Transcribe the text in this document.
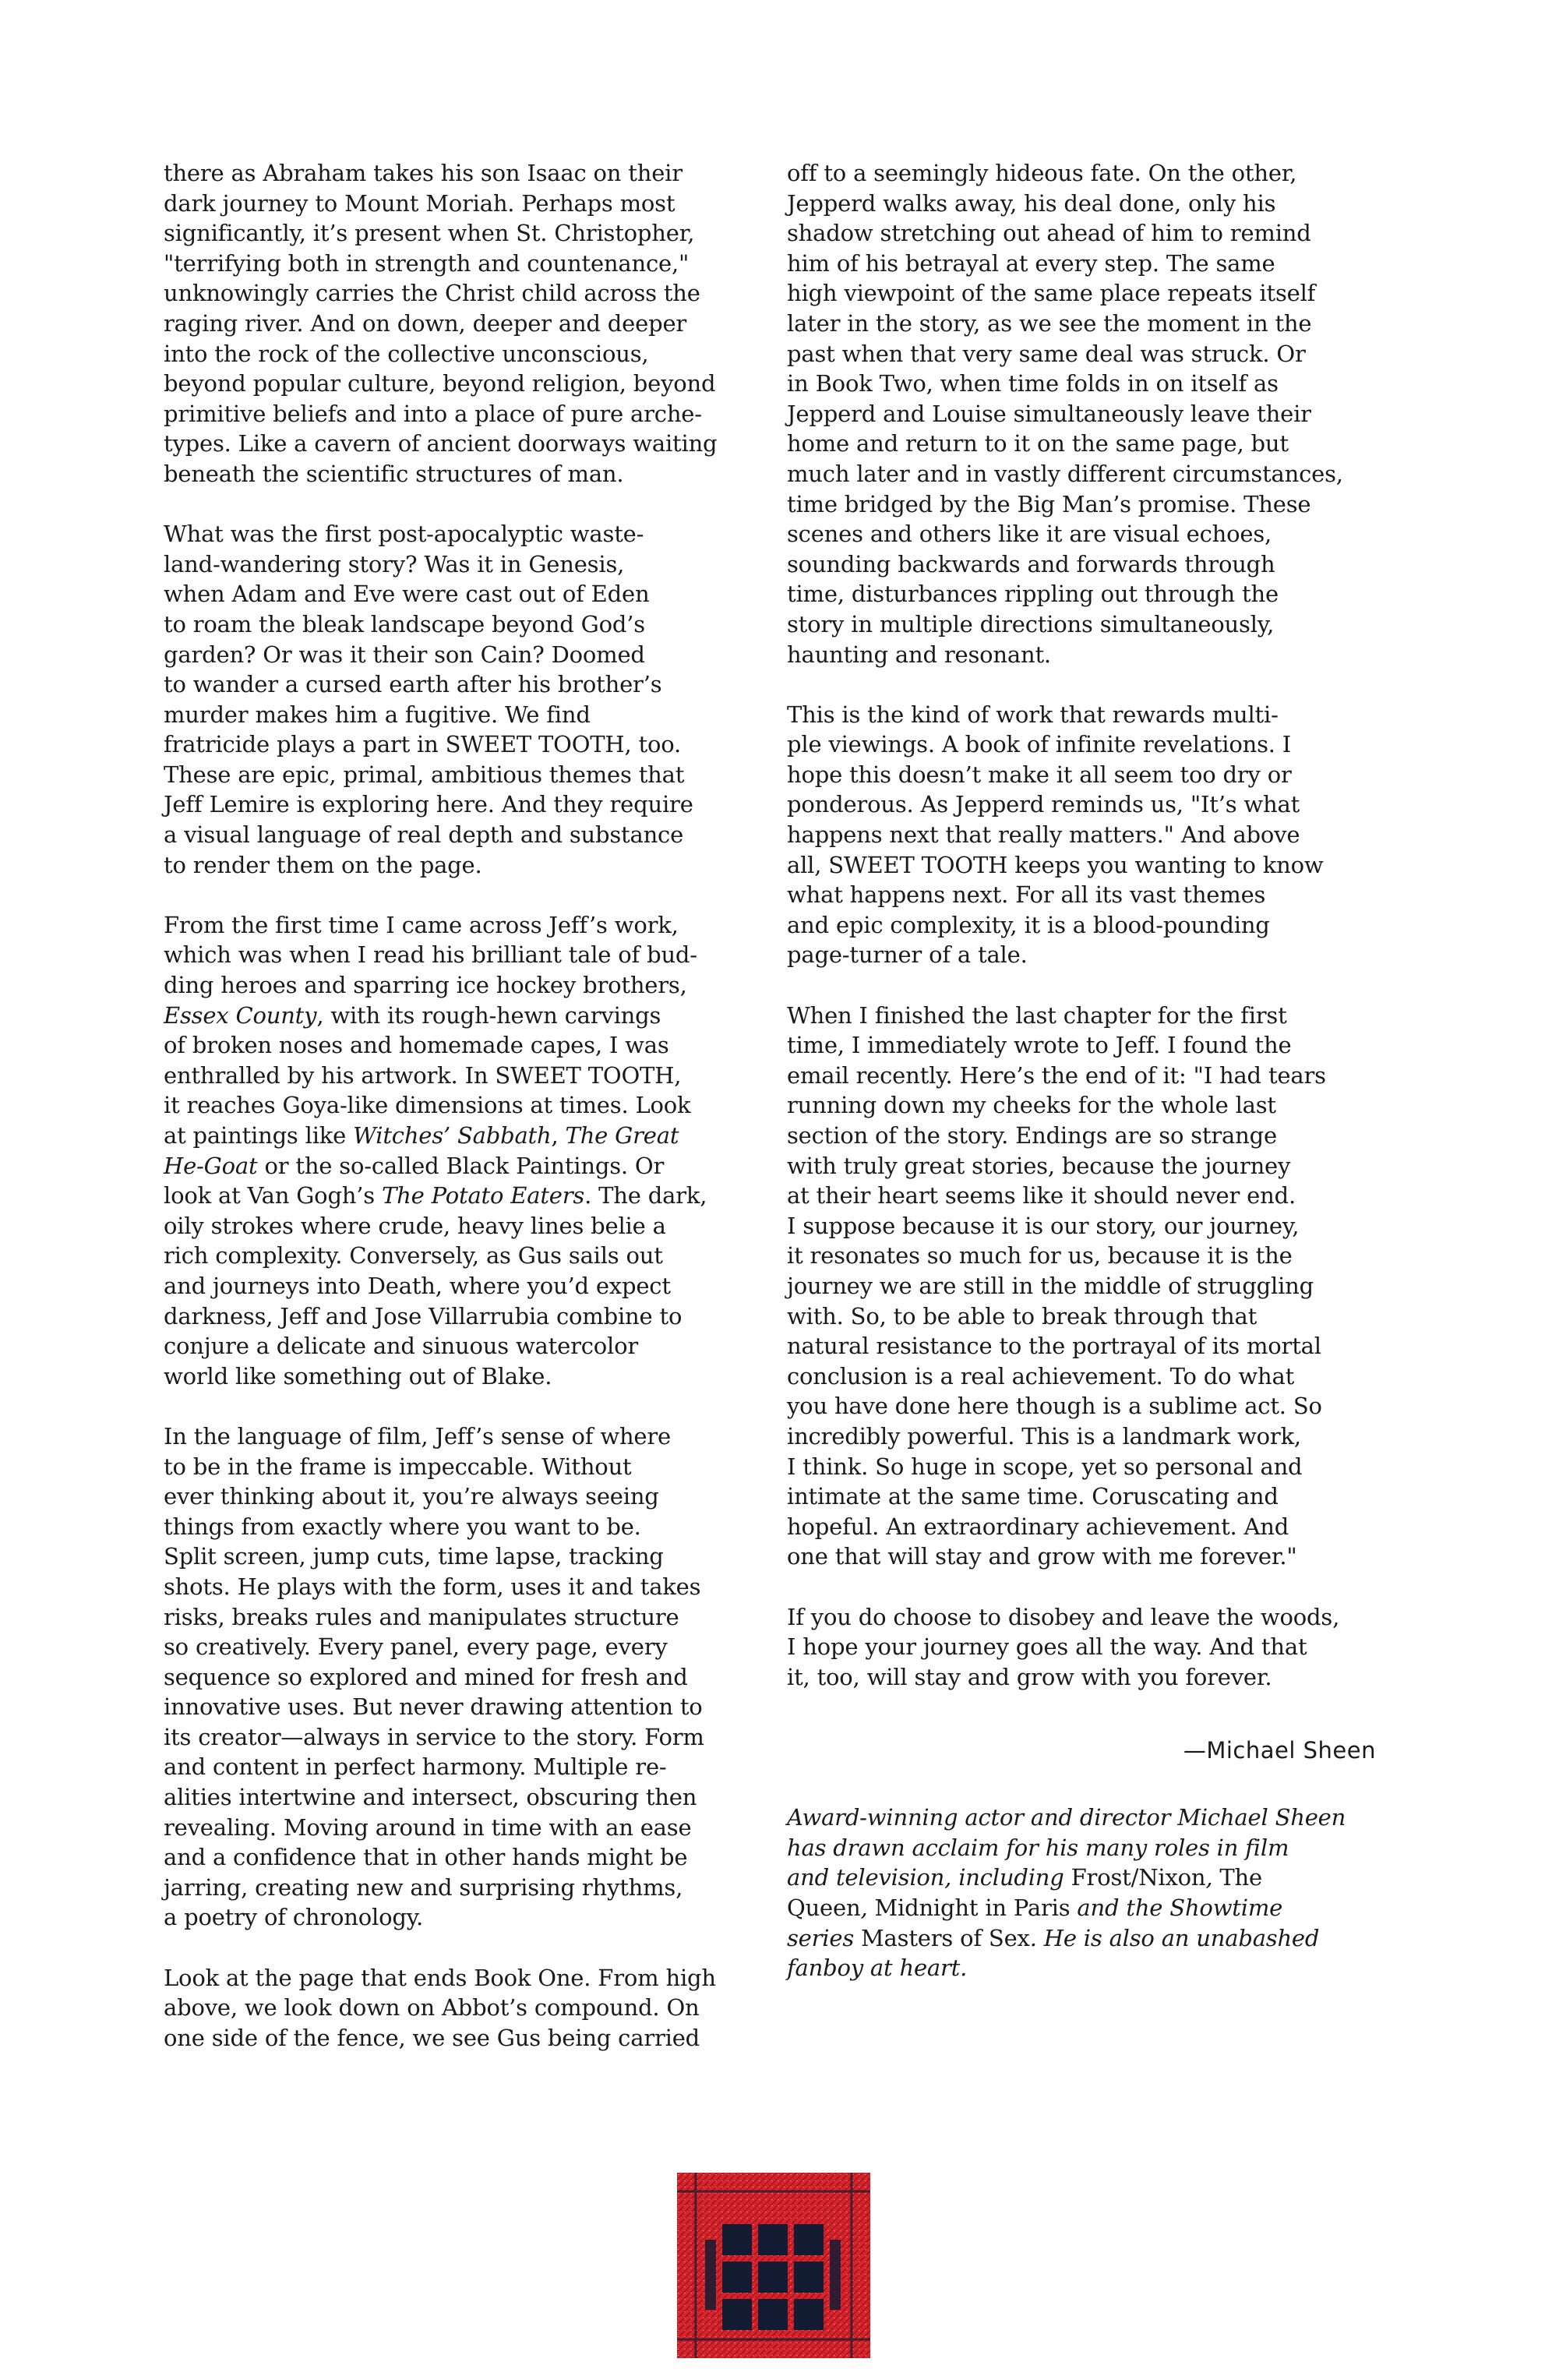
there as Abraham takes his son Isaac on their
dark journey to Mount Moriah. Perhaps most
significantly, it’s present when St. Christopher,
"terrifying both in strength and countenance,"
unknowingly carries the Christ child across the
raging river. And on down, deeper and deeper
into the rock of the collective unconscious,
beyond popular culture, beyond religion, beyond
primitive beliefs and into a place of pure arche-
types. Like a cavern of ancient doorways waiting
beneath the scientific structures of man.

What was the first post-apocalyptic waste-
land-wandering story? Was it in Genesis,
when Adam and Eve were cast out of Eden
to roam the bleak landscape beyond God’s
garden? Or was it their son Cain? Doomed
to wander a cursed earth after his brother’s
murder makes him a fugitive. We find
fratricide plays a part in SWEET TOOTH, too.
These are epic, primal, ambitious themes that
Jeff Lemire is exploring here. And they require
a visual language of real depth and substance
to render them on the page.

From the first time I came across Jeff’s work,
which was when I read his brilliant tale of bud-
ding heroes and sparring ice hockey brothers,
Essex County, with its rough-hewn carvings
of broken noses and homemade capes, I was
enthralled by his artwork. In SWEET TOOTH,
it reaches Goya-like dimensions at times. Look
at paintings like Witches’ Sabbath, The Great
He-Goat or the so-called Black Paintings. Or
look at Van Gogh’s The Potato Eaters. The dark,
oily strokes where crude, heavy lines belie a
rich complexity. Conversely, as Gus sails out
and journeys into Death, where you’d expect
darkness, Jeff and Jose Villarrubia combine to
conjure a delicate and sinuous watercolor
world like something out of Blake.

In the language of film, Jeff’s sense of where
to be in the frame is impeccable. Without
ever thinking about it, you’re always seeing
things from exactly where you want to be.
Split screen, jump cuts, time lapse, tracking
shots. He plays with the form, uses it and takes
risks, breaks rules and manipulates structure
so creatively. Every panel, every page, every
sequence so explored and mined for fresh and
innovative uses. But never drawing attention to
its creator—always in service to the story. Form
and content in perfect harmony. Multiple re-
alities intertwine and intersect, obscuring then
revealing. Moving around in time with an ease
and a confidence that in other hands might be
jarring, creating new and surprising rhythms,
a poetry of chronology.

Look at the page that ends Book One. From high
above, we look down on Abbot’s compound. On
one side of the fence, we see Gus being carried

off to a seemingly hideous fate. On the other,
Jepperd walks away, his deal done, only his
shadow stretching out ahead of him to remind
him of his betrayal at every step. The same
high viewpoint of the same place repeats itself
later in the story, as we see the moment in the
past when that very same deal was struck. Or
in Book Two, when time folds in on itself as
Jepperd and Louise simultaneously leave their
home and return to it on the same page, but
much later and in vastly different circumstances,
time bridged by the Big Man’s promise. These
scenes and others like it are visual echoes,
sounding backwards and forwards through
time, disturbances rippling out through the
story in multiple directions simultaneously,
haunting and resonant.

This is the kind of work that rewards multi-
ple viewings. A book of infinite revelations. I
hope this doesn’t make it all seem too dry or
ponderous. As Jepperd reminds us, "It’s what
happens next that really matters." And above
all, SWEET TOOTH keeps you wanting to know
what happens next. For all its vast themes
and epic complexity, it is a blood-pounding
page-turner of a tale.

When I finished the last chapter for the first
time, I immediately wrote to Jeff. I found the
email recently. Here’s the end of it: "I had tears
running down my cheeks for the whole last
section of the story. Endings are so strange
with truly great stories, because the journey
at their heart seems like it should never end.
I suppose because it is our story, our journey,
it resonates so much for us, because it is the
journey we are still in the middle of struggling
with. So, to be able to break through that
natural resistance to the portrayal of its mortal
conclusion is a real achievement. To do what
you have done here though is a sublime act. So
incredibly powerful. This is a landmark work,
I think. So huge in scope, yet so personal and
intimate at the same time. Coruscating and
hopeful. An extraordinary achievement. And
one that will stay and grow with me forever."

If you do choose to disobey and leave the woods,
I hope your journey goes all the way. And that
it, too, will stay and grow with you forever.

—Michael Sheen

Award-winning actor and director Michael Sheen
has drawn acclaim for his many roles in film
and television, including Frost/Nixon, The
Queen, Midnight in Paris and the Showtime
series Masters of Sex. He is also an unabashed
fanboy at heart.
